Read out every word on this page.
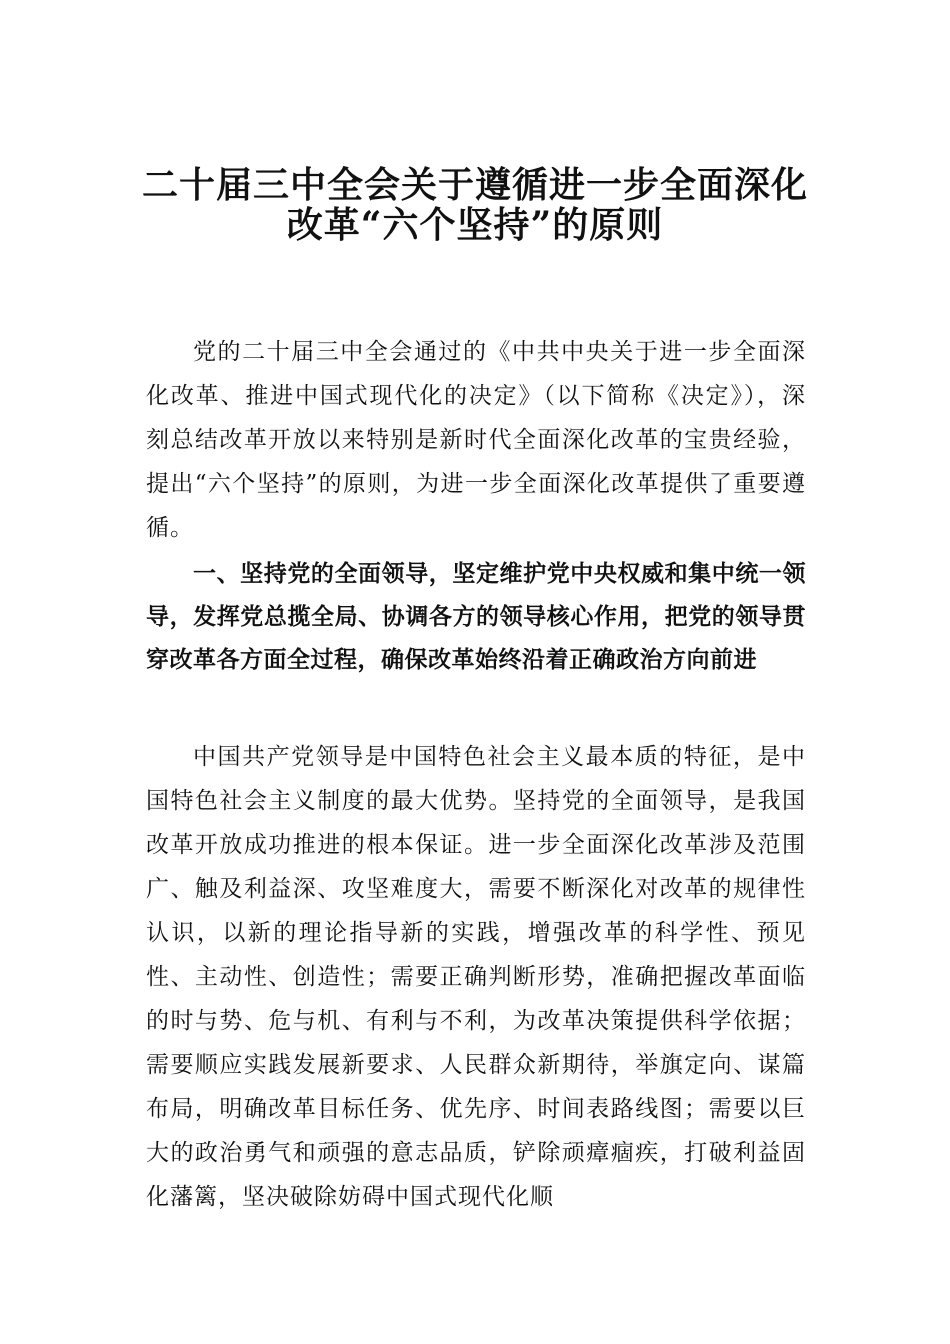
二十届三中全会关于遵循进一步全面深化
改革“六个坚持”的原则

党的二十届三中全会通过的《中共中央关于进一步全面深化改革、推进中国式现代化的决定》（以下简称《决定》），深刻总结改革开放以来特别是新时代全面深化改革的宝贵经验，提出“六个坚持”的原则，为进一步全面深化改革提供了重要遵循。

一、坚持党的全面领导，坚定维护党中央权威和集中统一领导，发挥党总揽全局、协调各方的领导核心作用，把党的领导贯穿改革各方面全过程，确保改革始终沿着正确政治方向前进

中国共产党领导是中国特色社会主义最本质的特征，是中国特色社会主义制度的最大优势。坚持党的全面领导，是我国改革开放成功推进的根本保证。进一步全面深化改革涉及范围广、触及利益深、攻坚难度大，需要不断深化对改革的规律性认识，以新的理论指导新的实践，增强改革的科学性、预见性、主动性、创造性；需要正确判断形势，准确把握改革面临的时与势、危与机、有利与不利，为改革决策提供科学依据；需要顺应实践发展新要求、人民群众新期待，举旗定向、谋篇布局，明确改革目标任务、优先序、时间表路线图；需要以巨大的政治勇气和顽强的意志品质，铲除顽瘴痼疾，打破利益固化藩篱，坚决破除妨碍中国式现代化顺
